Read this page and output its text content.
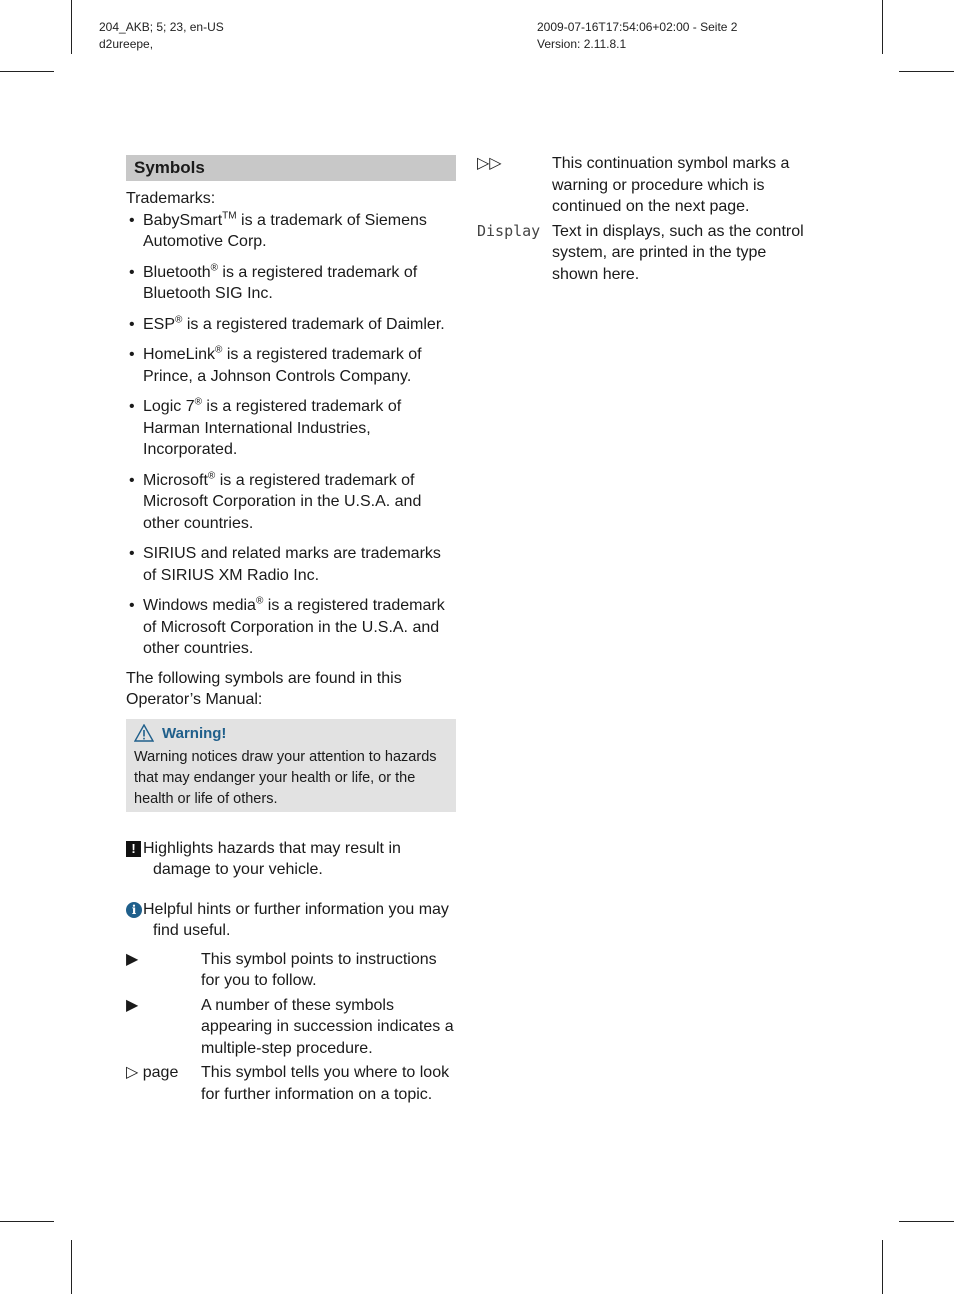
204_AKB; 5; 23, en-US
d2ureepe,
2009-07-16T17:54:06+02:00 - Seite 2
Version: 2.11.8.1
Symbols
Trademarks:
• BabySmart™ is a trademark of Siemens Automotive Corp.
• Bluetooth® is a registered trademark of Bluetooth SIG Inc.
• ESP® is a registered trademark of Daimler.
• HomeLink® is a registered trademark of Prince, a Johnson Controls Company.
• Logic 7® is a registered trademark of Harman International Industries, Incorporated.
• Microsoft® is a registered trademark of Microsoft Corporation in the U.S.A. and other countries.
• SIRIUS and related marks are trademarks of SIRIUS XM Radio Inc.
• Windows media® is a registered trademark of Microsoft Corporation in the U.S.A. and other countries.
The following symbols are found in this Operator’s Manual:
Warning!
Warning notices draw your attention to hazards that may endanger your health or life, or the health or life of others.
! Highlights hazards that may result in damage to your vehicle.
i Helpful hints or further information you may find useful.
▶	This symbol points to instructions for you to follow.
▶	A number of these symbols appearing in succession indicates a multiple-step procedure.
▷ page	This symbol tells you where to look for further information on a topic.
▷▷	This continuation symbol marks a warning or procedure which is continued on the next page.
Display Text in displays, such as the control system, are printed in the type shown here.
